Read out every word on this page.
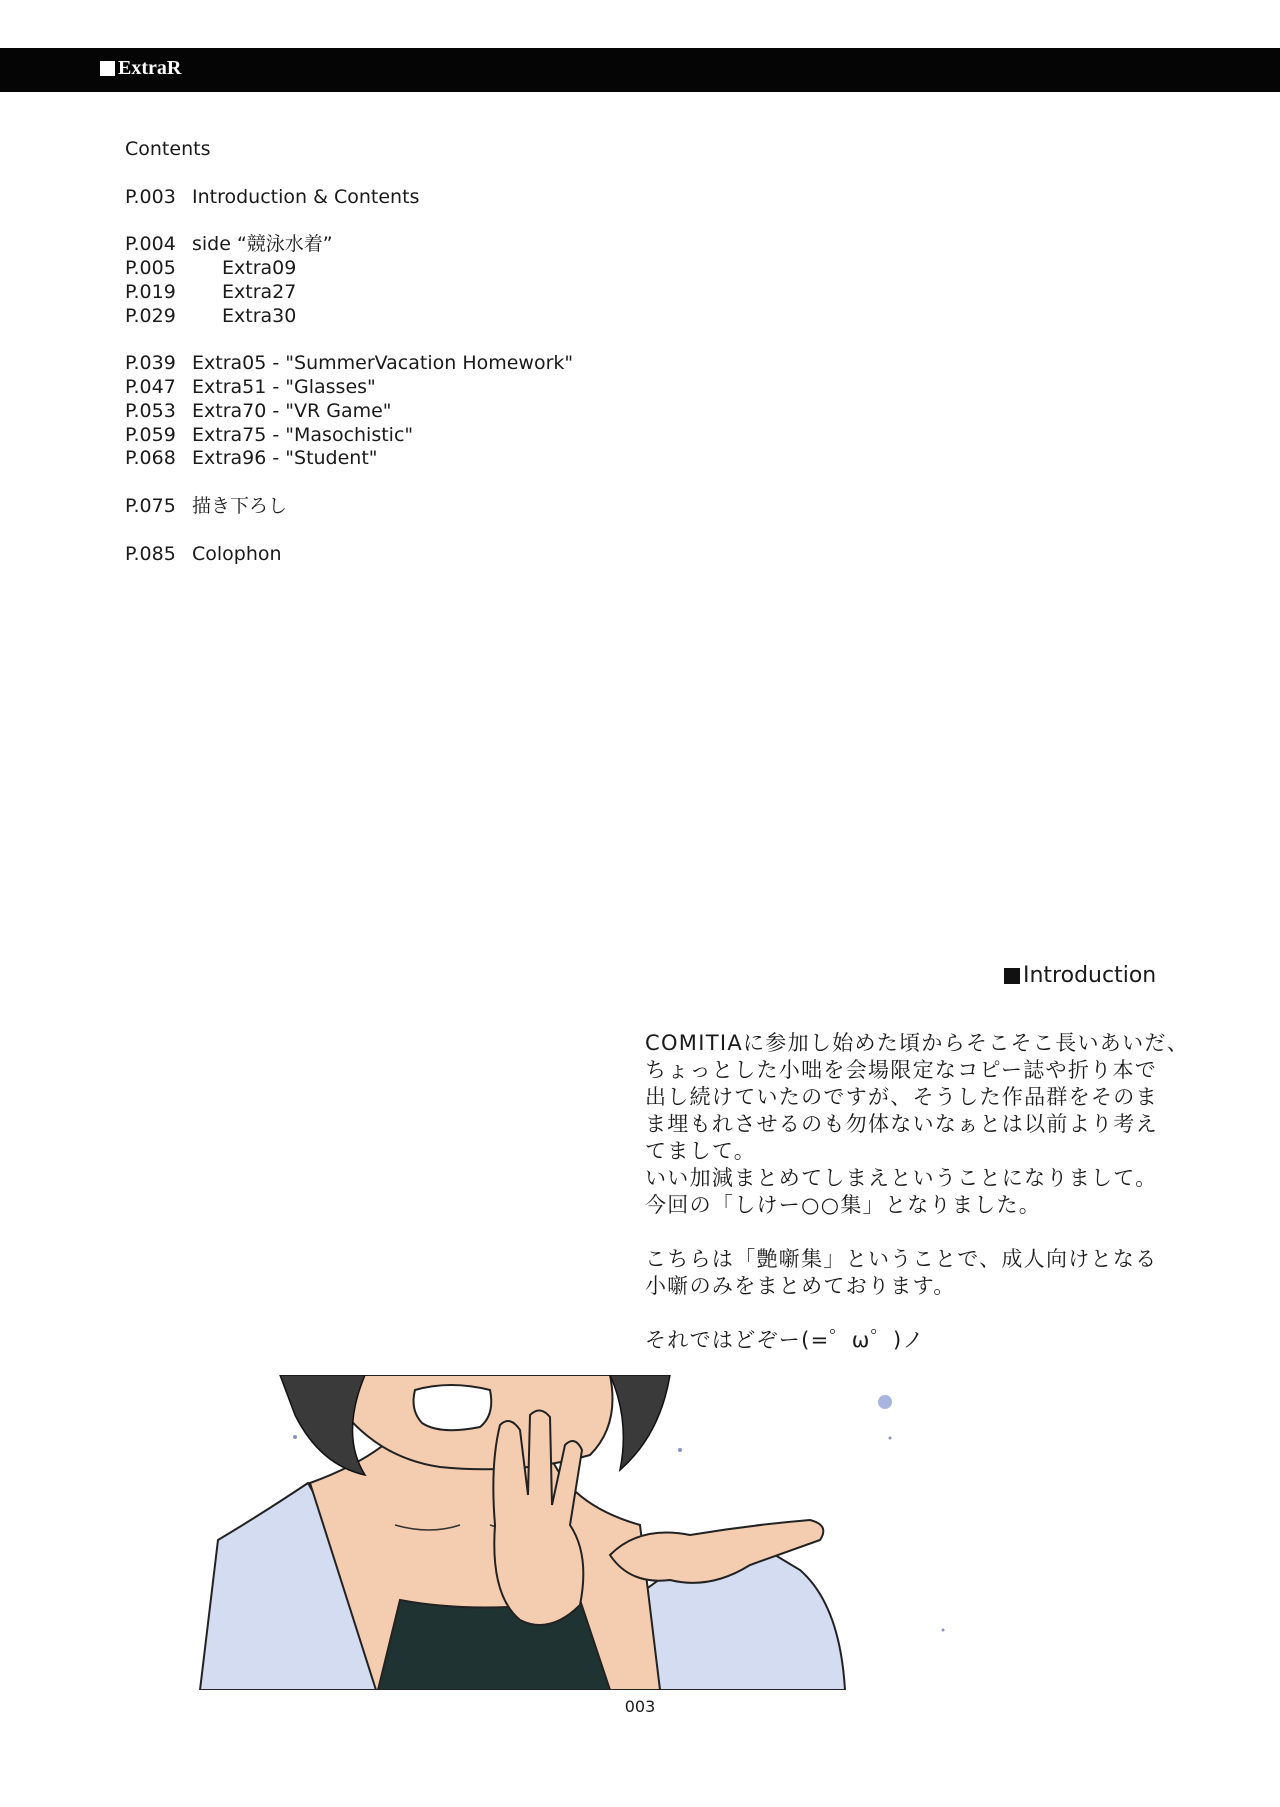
ExtraR
Contents
P.003 Introduction & Contents
P.004 side “競泳水着”
P.005 Extra09
P.019 Extra27
P.029 Extra30
P.039 Extra05 - "SummerVacation Homework"
P.047 Extra51 - "Glasses"
P.053 Extra70 - "VR Game"
P.059 Extra75 - "Masochistic"
P.068 Extra96 - "Student"
P.075 描き下ろし
P.085 Colophon
Introduction

COMITIAに参加し始めた頃からそこそこ長いあいだ、

ちょっとした小咄を会場限定なコピー誌や折り本で

出し続けていたのですが、そうした作品群をそのま

ま埋もれさせるのも勿体ないなぁとは以前より考え

てまして。

いい加減まとめてしまえということになりまして。

今回の「しけー○○集」となりました。

こちらは「艶噺集」ということで、成人向けとなる

小噺のみをまとめております。

それではどぞー(=゜ω゜)ノ

003
